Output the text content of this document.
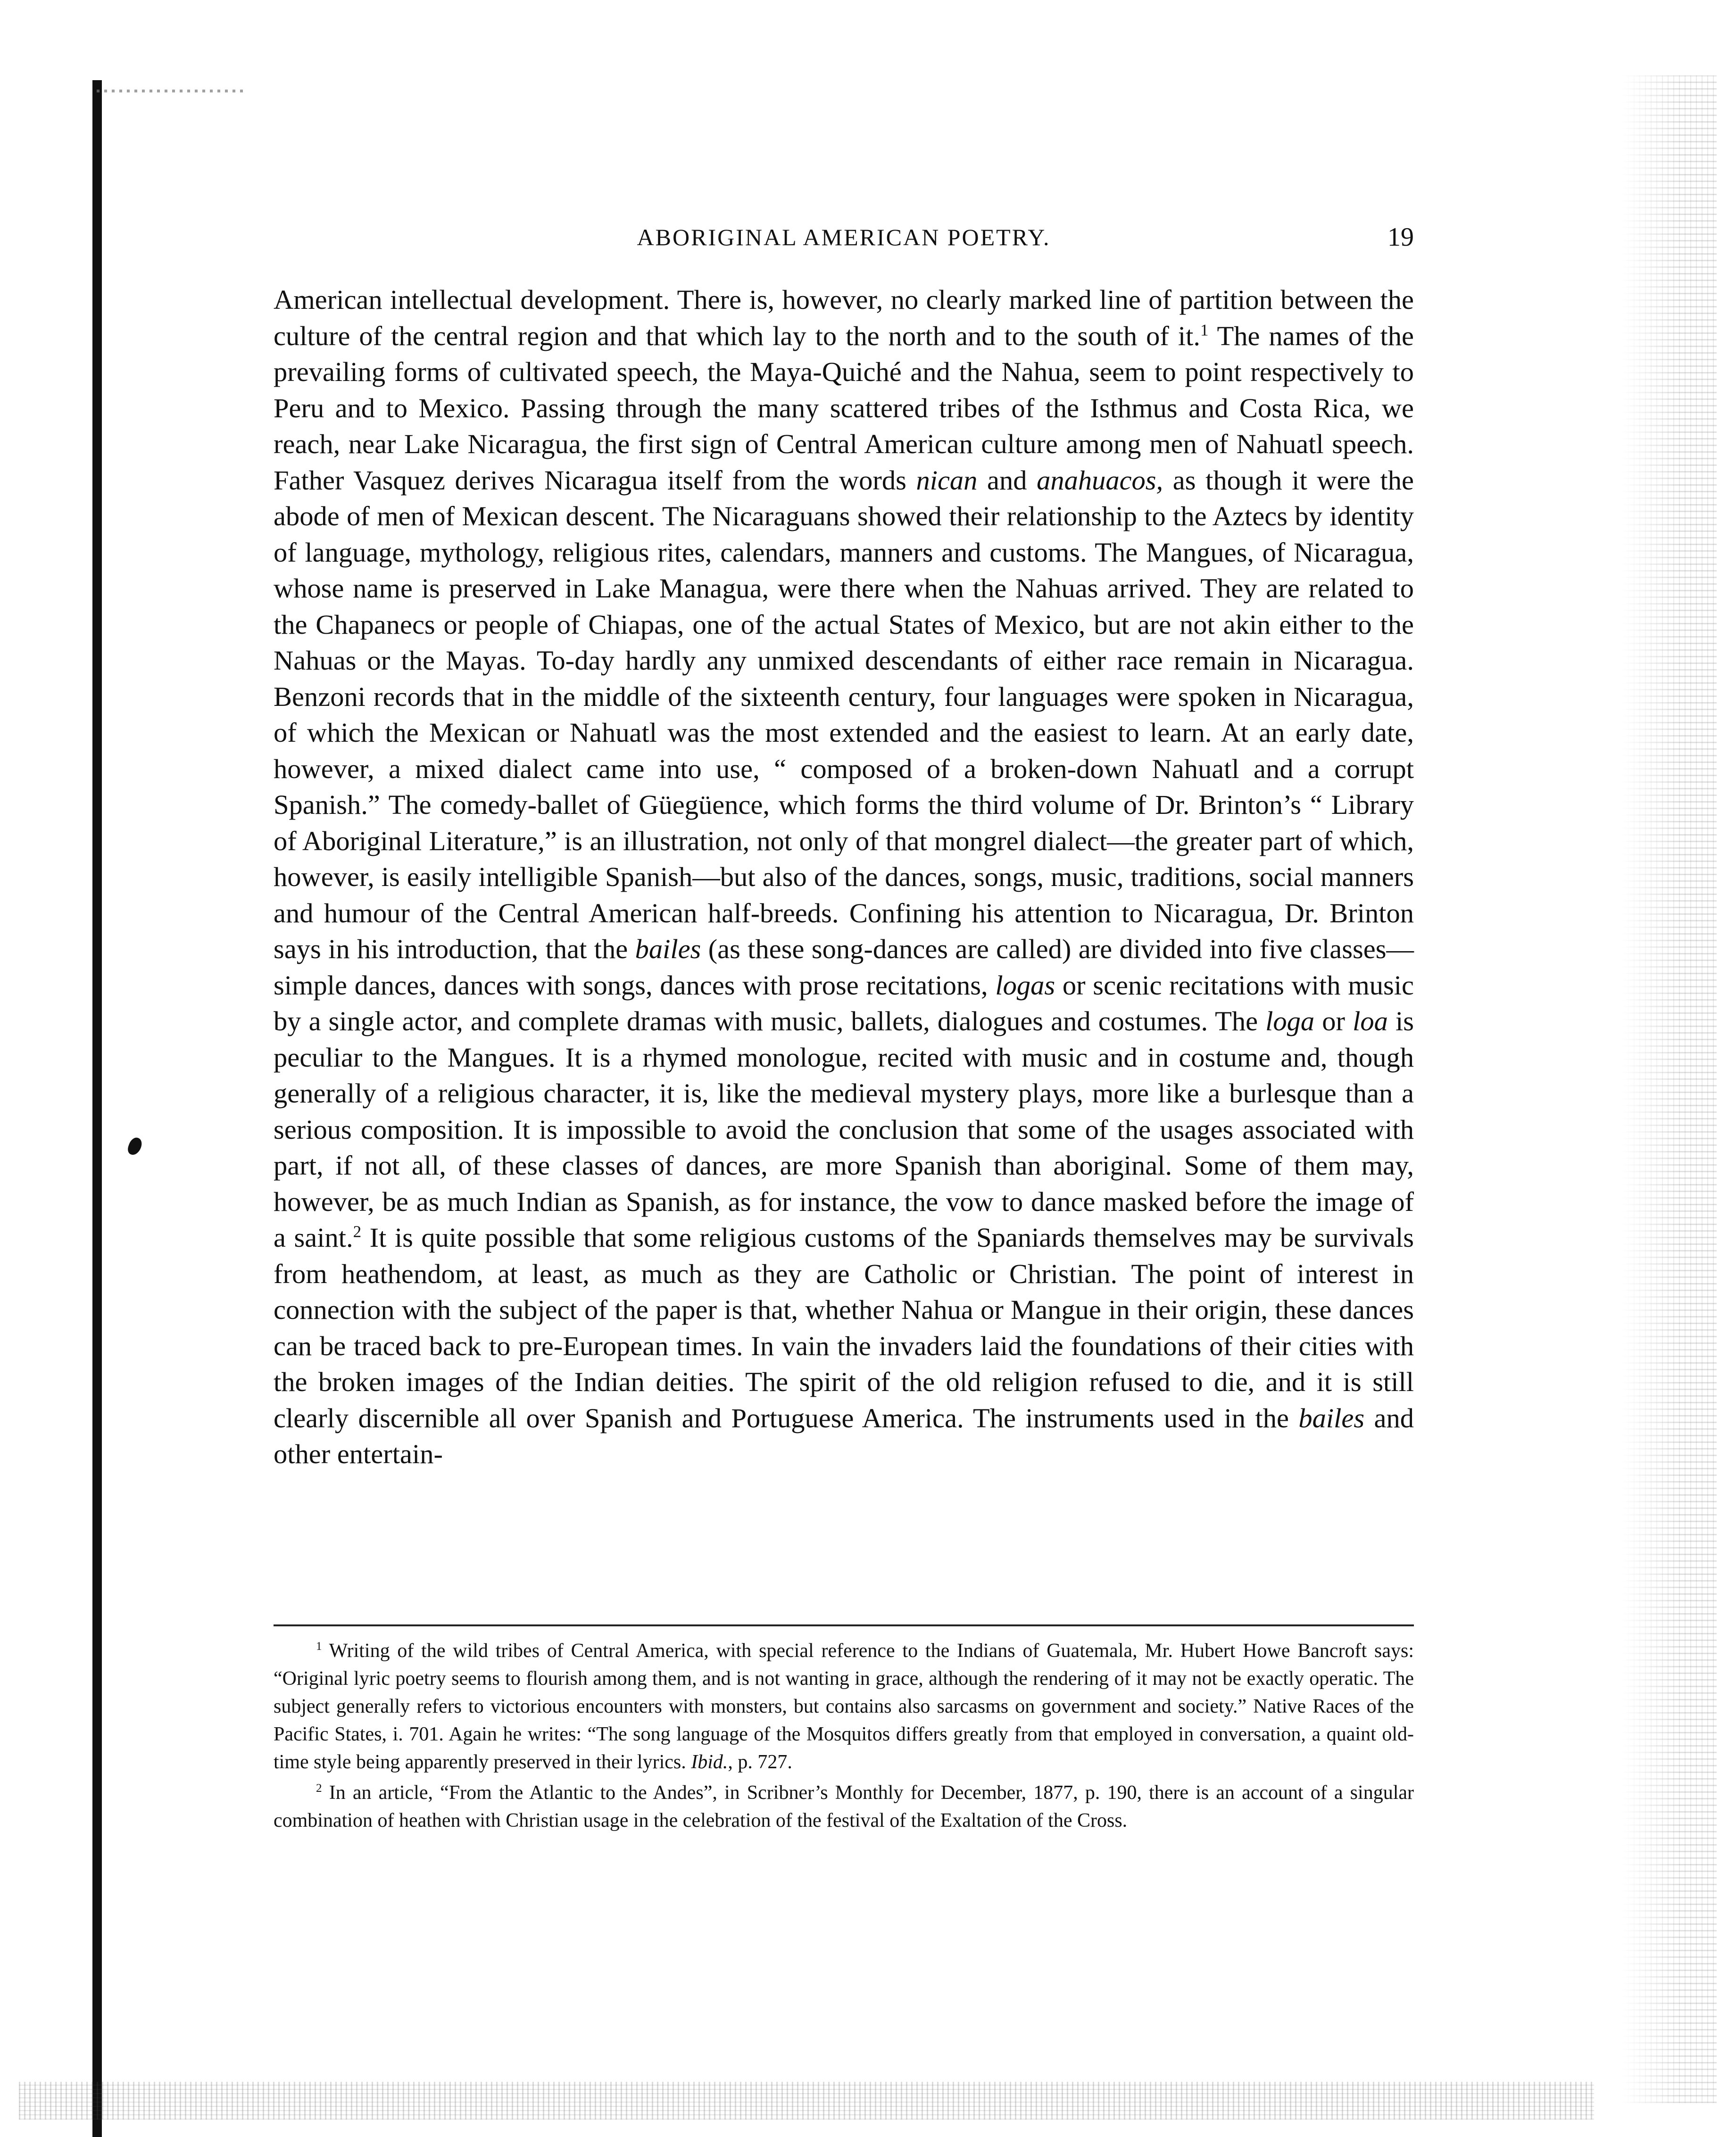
ABORIGINAL AMERICAN POETRY.	19

American intellectual development. There is, however, no clearly marked line of partition between the culture of the central region and that which lay to the north and to the south of it.$^1$ The names of the prevailing forms of cultivated speech, the Maya-Quiché and the Nahua, seem to point respectively to Peru and to Mexico. Passing through the many scattered tribes of the Isthmus and Costa Rica, we reach, near Lake Nicaragua, the first sign of Central American culture among men of Nahuatl speech. Father Vasquez derives Nicaragua itself from the words nican and anahuacos, as though it were the abode of men of Mexican descent. The Nicaraguans showed their relationship to the Aztecs by identity of language, mythology, religious rites, calendars, manners and customs. The Mangues, of Nicaragua, whose name is preserved in Lake Managua, were there when the Nahuas arrived. They are related to the Chapanecs or people of Chiapas, one of the actual States of Mexico, but are not akin either to the Nahuas or the Mayas. To-day hardly any unmixed descendants of either race remain in Nicaragua. Benzoni records that in the middle of the sixteenth century, four languages were spoken in Nicaragua, of which the Mexican or Nahuatl was the most extended and the easiest to learn. At an early date, however, a mixed dialect came into use, “ composed of a broken-down Nahuatl and a corrupt Spanish.” The comedy-ballet of Güegüence, which forms the third volume of Dr. Brinton’s “ Library of Aboriginal Literature,” is an illustration, not only of that mongrel dialect—the greater part of which, however, is easily intelligible Spanish—but also of the dances, songs, music, traditions, social manners and humour of the Central American half-breeds. Confining his attention to Nicaragua, Dr. Brinton says in his introduction, that the bailes (as these song-dances are called) are divided into five classes—simple dances, dances with songs, dances with prose recitations, logas or scenic recitations with music by a single actor, and complete dramas with music, ballets, dialogues and costumes. The loga or loa is peculiar to the Mangues. It is a rhymed monologue, recited with music and in costume and, though generally of a religious character, it is, like the medieval mystery plays, more like a burlesque than a serious composition. It is impossible to avoid the conclusion that some of the usages associated with part, if not all, of these classes of dances, are more Spanish than aboriginal. Some of them may, however, be as much Indian as Spanish, as for instance, the vow to dance masked before the image of a saint.$^2$ It is quite possible that some religious customs of the Spaniards themselves may be survivals from heathendom, at least, as much as they are Catholic or Christian. The point of interest in connection with the subject of the paper is that, whether Nahua or Mangue in their origin, these dances can be traced back to pre-European times. In vain the invaders laid the foundations of their cities with the broken images of the Indian deities. The spirit of the old religion refused to die, and it is still clearly discernible all over Spanish and Portuguese America. The instruments used in the bailes and other entertain-

$^1$ Writing of the wild tribes of Central America, with special reference to the Indians of Guatemala, Mr. Hubert Howe Bancroft says: “Original lyric poetry seems to flourish among them, and is not wanting in grace, although the rendering of it may not be exactly operatic. The subject generally refers to victorious encounters with monsters, but contains also sarcasms on government and society.” Native Races of the Pacific States, i. 701. Again he writes: “The song language of the Mosquitos differs greatly from that employed in conversation, a quaint old-time style being apparently preserved in their lyrics. Ibid., p. 727.

$^2$ In an article, “From the Atlantic to the Andes”, in Scribner’s Monthly for December, 1877, p. 190, there is an account of a singular combination of heathen with Christian usage in the celebration of the festival of the Exaltation of the Cross.
